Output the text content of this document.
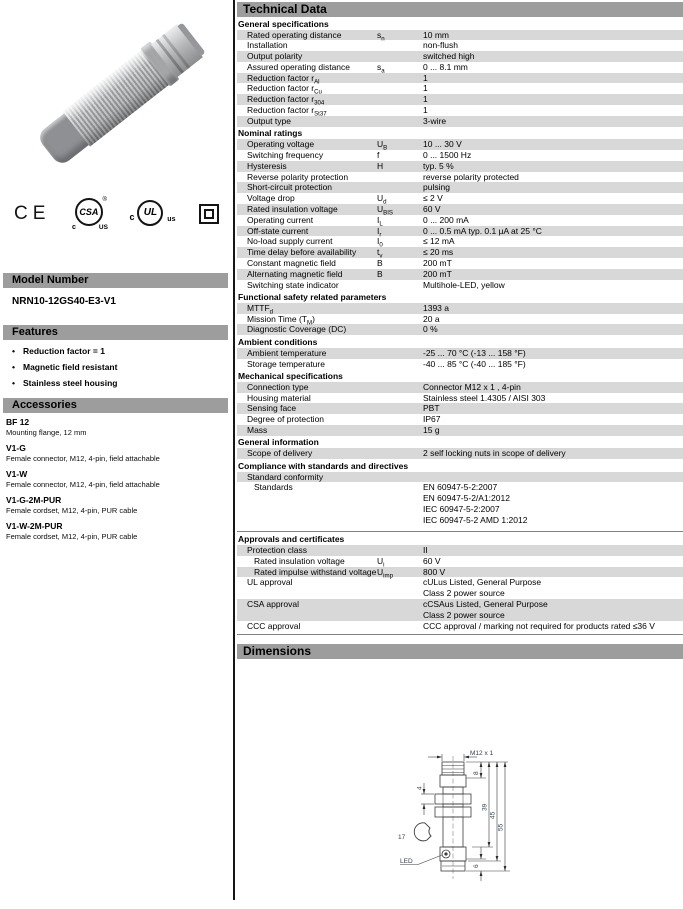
CE	CSA
®
c	US
c UL
us
Model Number
NRN10-12GS40-E3-V1
Features
• Reduction factor = 1
• Magnetic field resistant
• Stainless steel housing
Accessories
BF 12
Mounting flange, 12 mm
V1-G
Female connector, M12, 4-pin, field attachable
V1-W
Female connector, M12, 4-pin, field attachable
V1-G-2M-PUR
Female cordset, M12, 4-pin, PUR cable
V1-W-2M-PUR
Female cordset, M12, 4-pin, PUR cable
Technical Data
General specifications
Rated operating distance	$s_n$	10 mm
Installation	non-flush
Output polarity	switched high
Assured operating distance	$s_a$	0 ... 8.1 mm
Reduction factor $r_{Al}$	1
Reduction factor $r_{Cu}$	1
Reduction factor $r_{304}$	1
Reduction factor $r_{St37}$	1
Output type	3-wire
Nominal ratings
Operating voltage	$U_B$	10 ... 30 V
Switching frequency	f	0 ... 1500 Hz
Hysteresis	H	typ. 5 %
Reverse polarity protection	reverse polarity protected
Short-circuit protection	pulsing
Voltage drop	$U_d$	≤ 2 V
Rated insulation voltage	$U_{BIS}$	60 V
Operating current	$I_L$	0 ... 200 mA
Off-state current	$I_r$	0 ... 0.5 mA typ. 0.1 µA at 25 °C
No-load supply current	$I_0$	≤ 12 mA
Time delay before availability	$t_v$	≤ 20 ms
Constant magnetic field	B	200 mT
Alternating magnetic field	B	200 mT
Switching state indicator	Multihole-LED, yellow
Functional safety related parameters
$MTTF_d$	1393 a
Mission Time $(T_M)$	20 a
Diagnostic Coverage (DC)	0 %
Ambient conditions
Ambient temperature	-25 ... 70 °C (-13 ... 158 °F)
Storage temperature	-40 ... 85 °C (-40 ... 185 °F)
Mechanical specifications
Connection type	Connector M12 x 1 , 4-pin
Housing material	Stainless steel 1.4305 / AISI 303
Sensing face	PBT
Degree of protection	IP67
Mass	15 g
General information
Scope of delivery	2 self locking nuts in scope of delivery
Compliance with standards and directives
Standard conformity
Standards	EN 60947-5-2:2007
EN 60947-5-2/A1:2012
IEC 60947-5-2:2007
IEC 60947-5-2 AMD 1:2012
Approvals and certificates
Protection class	II
Rated insulation voltage	$U_i$	60 V
Rated impulse withstand voltage $U_{imp}$	800 V
UL approval	cULus Listed, General Purpose
Class 2 power source
CSA approval	cCSAus Listed, General Purpose
Class 2 power source
CCC approval	CCC approval / marking not required for products rated ≤36 V
Dimensions
M12 x 1
8
39
45
55
6
4
17
LED
